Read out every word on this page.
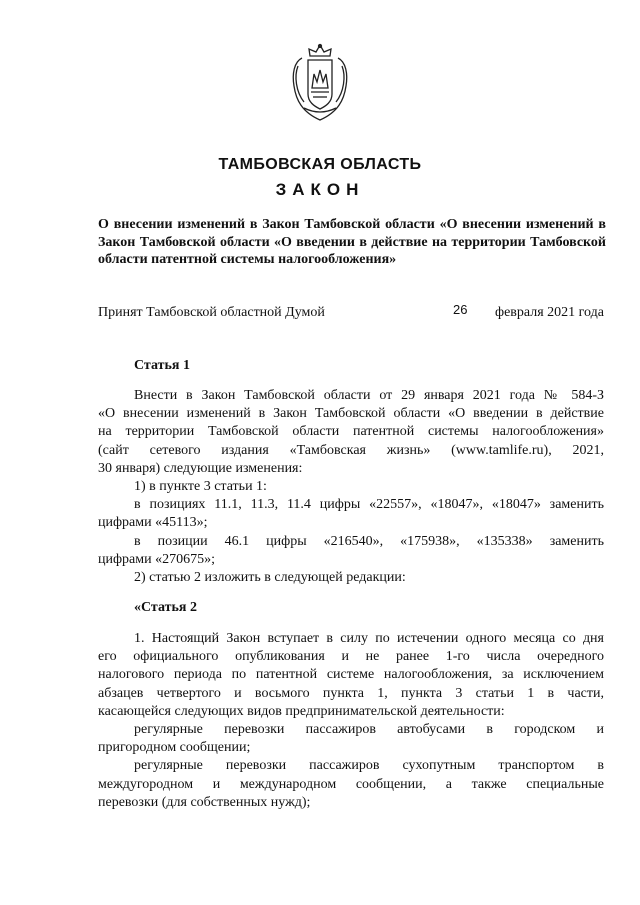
ТАМБОВСКАЯ ОБЛАСТЬ
ЗАКОН
О внесении изменений в Закон Тамбовской области «О внесении изменений в Закон Тамбовской области «О введении в действие на территории Тамбовской области патентной системы налогообложения»
Принят Тамбовской областной Думой	26 февраля 2021 года
Статья 1

Внести в Закон Тамбовской области от 29 января 2021 года № 584-З

«О внесении изменений в Закон Тамбовской области «О введении в действие

на территории Тамбовской области патентной системы налогообложения»

(сайт сетевого издания «Тамбовская жизнь» (www.tamlife.ru), 2021,

30 января) следующие изменения:

1) в пункте 3 статьи 1:

в позициях 11.1, 11.3, 11.4 цифры «22557», «18047», «18047» заменить

цифрами «45113»;

в позиции 46.1 цифры «216540», «175938», «135338» заменить

цифрами «270675»;

2) статью 2 изложить в следующей редакции:

«Статья 2

1. Настоящий Закон вступает в силу по истечении одного месяца со дня

его официального опубликования и не ранее 1-го числа очередного

налогового периода по патентной системе налогообложения, за исключением

абзацев четвертого и восьмого пункта 1, пункта 3 статьи 1 в части,

касающейся следующих видов предпринимательской деятельности:

регулярные перевозки пассажиров автобусами в городском и

пригородном сообщении;

регулярные перевозки пассажиров сухопутным транспортом в

междугородном и международном сообщении, а также специальные

перевозки (для собственных нужд);
